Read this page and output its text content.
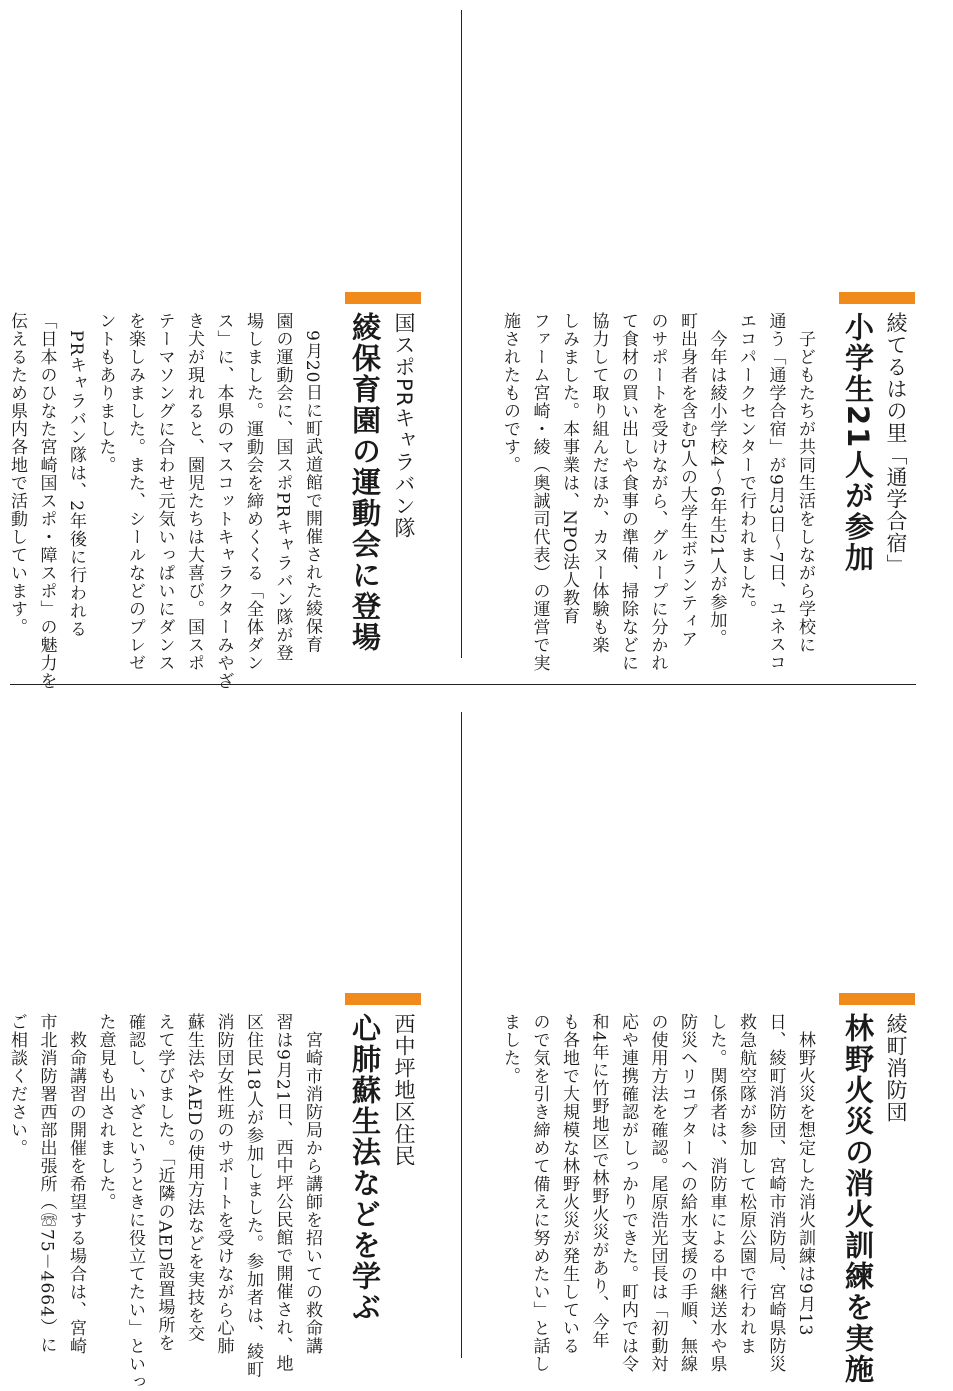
綾てるはの里「通学合宿」
小学生21人が参加
　子どもたちが共同生活をしながら学校に
通う「通学合宿」が9月3日～7日、ユネスコ
エコパークセンターで行われました。
　今年は綾小学校4～6年生21人が参加。
町出身者を含む5人の大学生ボランティア
のサポートを受けながら、グループに分かれ
て食材の買い出しや食事の準備、掃除などに
協力して取り組んだほか、カヌー体験も楽
しみました。本事業は、NPO法人教育
ファーム宮崎・綾（奥誠司代表）の運営で実
施されたものです。
国スポPRキャラバン隊
綾保育園の運動会に登場
　9月20日に町武道館で開催された綾保育
園の運動会に、国スポPRキャラバン隊が登
場しました。運動会を締めくくる「全体ダン
ス」に、本県のマスコットキャラクターみやざ
き犬が現れると、園児たちは大喜び。国スポ
テーマソングに合わせ元気いっぱいにダンス
を楽しみました。また、シールなどのプレゼ
ントもありました。
　PRキャラバン隊は、2年後に行われる
「日本のひなた宮崎国スポ・障スポ」の魅力を
伝えるため県内各地で活動しています。
綾町消防団
林野火災の消火訓練を実施
　林野火災を想定した消火訓練は9月13
日、綾町消防団、宮崎市消防局、宮崎県防災
救急航空隊が参加して松原公園で行われま
した。関係者は、消防車による中継送水や県
防災ヘリコプターへの給水支援の手順、無線
の使用方法を確認。尾原浩光団長は「初動対
応や連携確認がしっかりできた。町内では令
和4年に竹野地区で林野火災があり、今年
も各地で大規模な林野火災が発生している
ので気を引き締めて備えに努めたい」と話し
ました。
西中坪地区住民
心肺蘇生法などを学ぶ
　宮崎市消防局から講師を招いての救命講
習は9月21日、西中坪公民館で開催され、地
区住民18人が参加しました。参加者は、綾町
消防団女性班のサポートを受けながら心肺
蘇生法やAEDの使用方法などを実技を交
えて学びました。「近隣のAED設置場所を
確認し、いざというときに役立てたい」といっ
た意見も出されました。
　救命講習の開催を希望する場合は、宮崎
市北消防署西部出張所（☏75－4664）に
ご相談ください。
